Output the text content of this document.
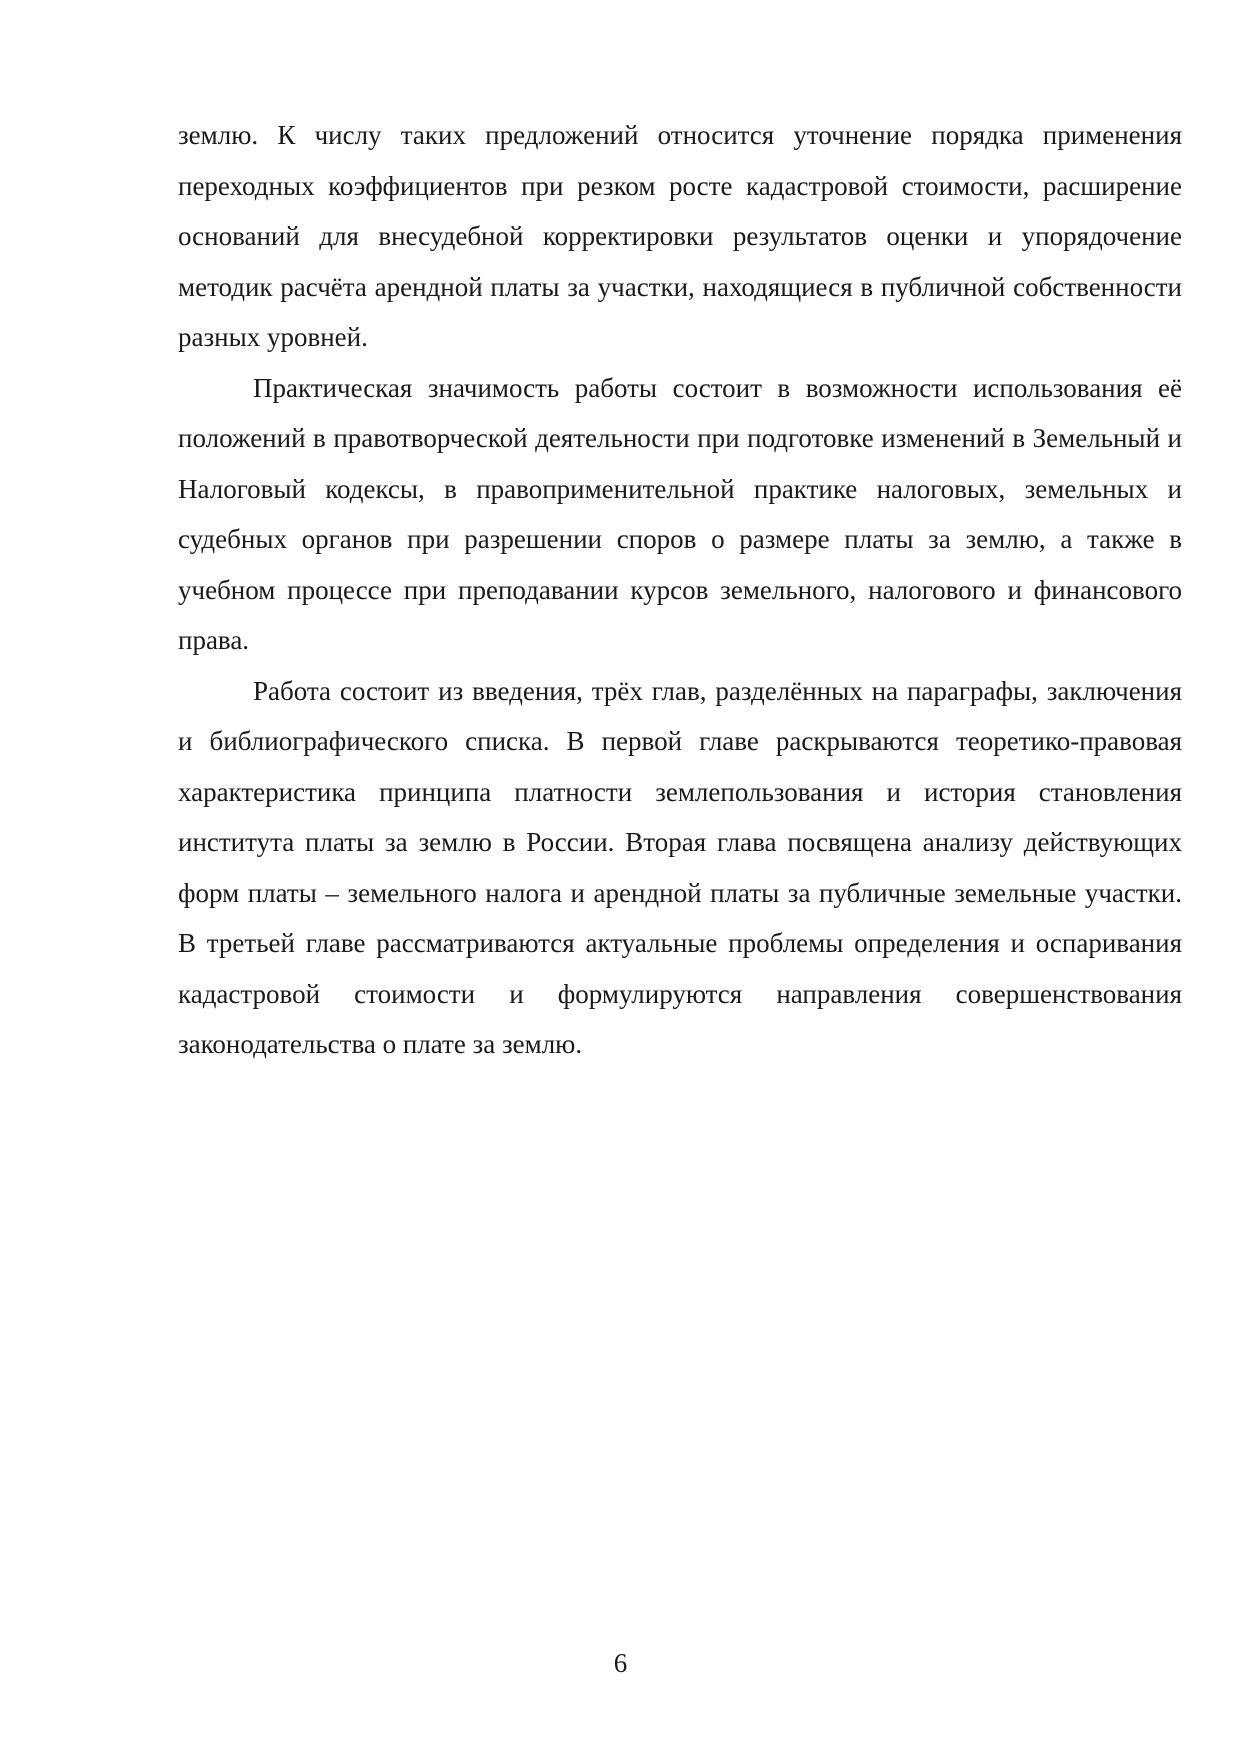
землю. К числу таких предложений относится уточнение порядка применения переходных коэффициентов при резком росте кадастровой стоимости, расширение оснований для внесудебной корректировки результатов оценки и упорядочение методик расчёта арендной платы за участки, находящиеся в публичной собственности разных уровней.

Практическая значимость работы состоит в возможности использования её положений в правотворческой деятельности при подготовке изменений в Земельный и Налоговый кодексы, в правоприменительной практике налоговых, земельных и судебных органов при разрешении споров о размере платы за землю, а также в учебном процессе при преподавании курсов земельного, налогового и финансового права.

Работа состоит из введения, трёх глав, разделённых на параграфы, заключения и библиографического списка. В первой главе раскрываются теоретико-правовая характеристика принципа платности землепользования и история становления института платы за землю в России. Вторая глава посвящена анализу действующих форм платы – земельного налога и арендной платы за публичные земельные участки. В третьей главе рассматриваются актуальные проблемы определения и оспаривания кадастровой стоимости и формулируются направления совершенствования законодательства о плате за землю.

6
